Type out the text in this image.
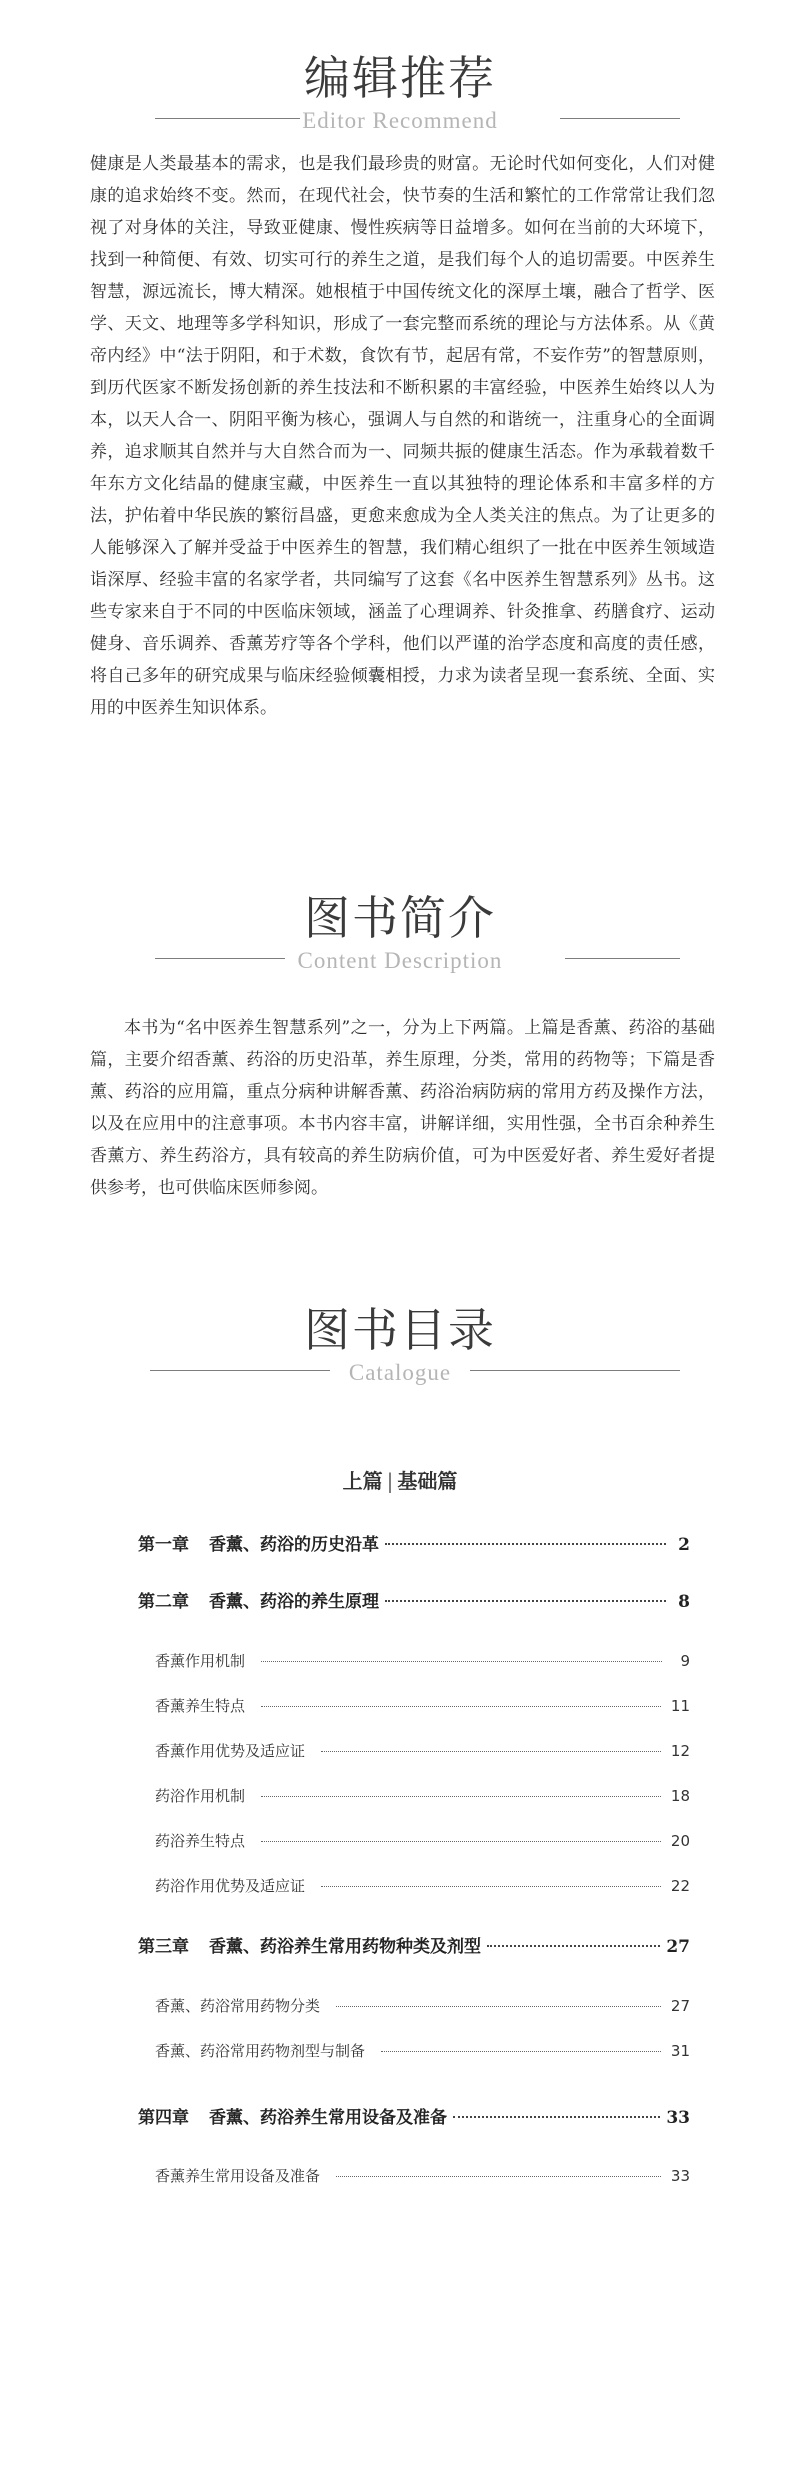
编辑推荐
Editor Recommend

健康是人类最基本的需求，也是我们最珍贵的财富。无论时代如何变化，人们对健康的追求始终不变。然而，在现代社会，快节奏的生活和繁忙的工作常常让我们忽视了对身体的关注，导致亚健康、慢性疾病等日益增多。如何在当前的大环境下，找到一种简便、有效、切实可行的养生之道，是我们每个人的追切需要。中医养生智慧，源远流长，博大精深。她根植于中国传统文化的深厚土壤，融合了哲学、医学、天文、地理等多学科知识，形成了一套完整而系统的理论与方法体系。从《黄帝内经》中“法于阴阳，和于术数，食饮有节，起居有常，不妄作劳”的智慧原则，到历代医家不断发扬创新的养生技法和不断积累的丰富经验，中医养生始终以人为本，以天人合一、阴阳平衡为核心，强调人与自然的和谐统一，注重身心的全面调养，追求顺其自然并与大自然合而为一、同频共振的健康生活态。作为承载着数千年东方文化结晶的健康宝藏，中医养生一直以其独特的理论体系和丰富多样的方法，护佑着中华民族的繁衍昌盛，更愈来愈成为全人类关注的焦点。为了让更多的人能够深入了解并受益于中医养生的智慧，我们精心组织了一批在中医养生领域造诣深厚、经验丰富的名家学者，共同编写了这套《名中医养生智慧系列》丛书。这些专家来自于不同的中医临床领域，涵盖了心理调养、针灸推拿、药膳食疗、运动健身、音乐调养、香薰芳疗等各个学科，他们以严谨的治学态度和高度的责任感，将自己多年的研究成果与临床经验倾囊相授，力求为读者呈现一套系统、全面、实用的中医养生知识体系。

图书简介
Content Description

本书为“名中医养生智慧系列”之一，分为上下两篇。上篇是香薰、药浴的基础篇，主要介绍香薰、药浴的历史沿革，养生原理，分类，常用的药物等；下篇是香薰、药浴的应用篇，重点分病种讲解香薰、药浴治病防病的常用方药及操作方法，以及在应用中的注意事项。本书内容丰富，讲解详细，实用性强，全书百余种养生香薰方、养生药浴方，具有较高的养生防病价值，可为中医爱好者、养生爱好者提供参考，也可供临床医师参阅。

图书目录
Catalogue
上篇 | 基础篇
第一章 香薰、药浴的历史沿革	2
第二章 香薰、药浴的养生原理	8
香薰作用机制	9
香薰养生特点	11
香薰作用优势及适应证	12
药浴作用机制	18
药浴养生特点	20
药浴作用优势及适应证	22
第三章 香薰、药浴养生常用药物种类及剂型	27
香薰、药浴常用药物分类	27
香薰、药浴常用药物剂型与制备	31
第四章 香薰、药浴养生常用设备及准备	33
香薰养生常用设备及准备	33
